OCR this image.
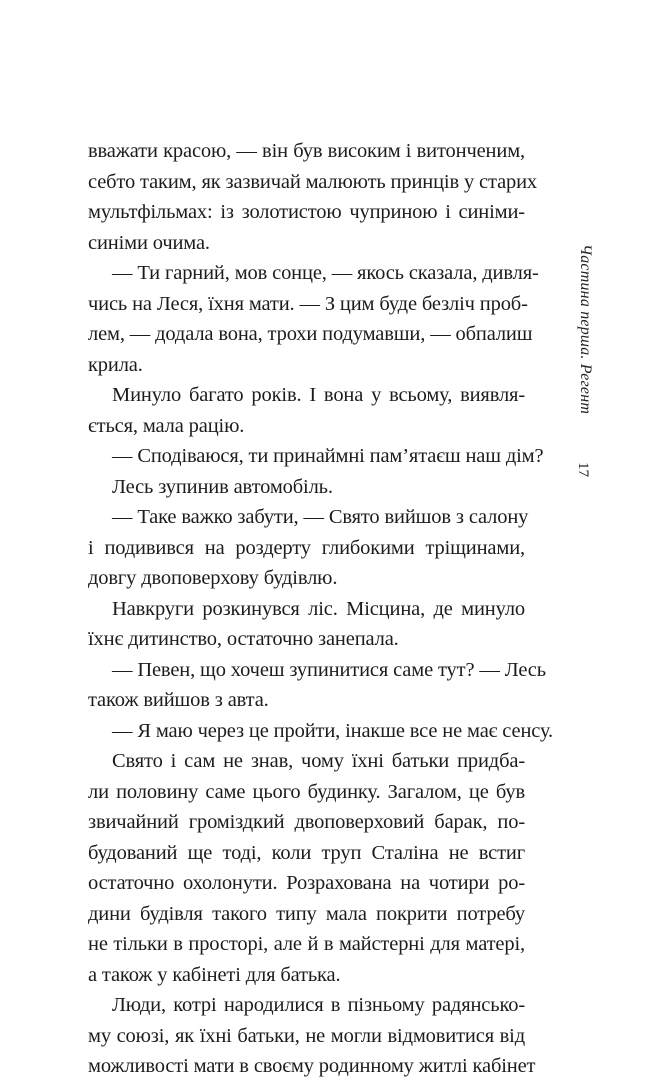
вважати красою, — він був високим і витонченим,
себто таким, як зазвичай малюють принців у старих
мультфільмах: із золотистою чуприною і синіми-
синіми очима.
— Ти гарний, мов сонце, — якось сказала, дивля-
чись на Леся, їхня мати. — З цим буде безліч проб-
лем, — додала вона, трохи подумавши, — обпалиш
крила.
Минуло багато років. І вона у всьому, виявля-
ється, мала рацію.
— Сподіваюся, ти принаймні пам’ятаєш наш дім?
Лесь зупинив автомобіль.
— Таке важко забути, — Свято вийшов з салону
і подивився на роздерту глибокими тріщинами,
довгу двоповерхову будівлю.
Навкруги розкинувся ліс. Місцина, де минуло
їхнє дитинство, остаточно занепала.
— Певен, що хочеш зупинитися саме тут? — Лесь
також вийшов з авта.
— Я маю через це пройти, інакше все не має сенсу.
Свято і сам не знав, чому їхні батьки придба-
ли половину саме цього будинку. Загалом, це був
звичайний громіздкий двоповерховий барак, по-
будований ще тоді, коли труп Сталіна не встиг
остаточно охолонути. Розрахована на чотири ро-
дини будівля такого типу мала покрити потребу
не тільки в просторі, але й в майстерні для матері,
а також у кабінеті для батька.
Люди, котрі народилися в пізньому радянсько-
му союзі, як їхні батьки, не могли відмовитися від
можливості мати в своєму родинному житлі кабінет
Частина перша. Регент
17
